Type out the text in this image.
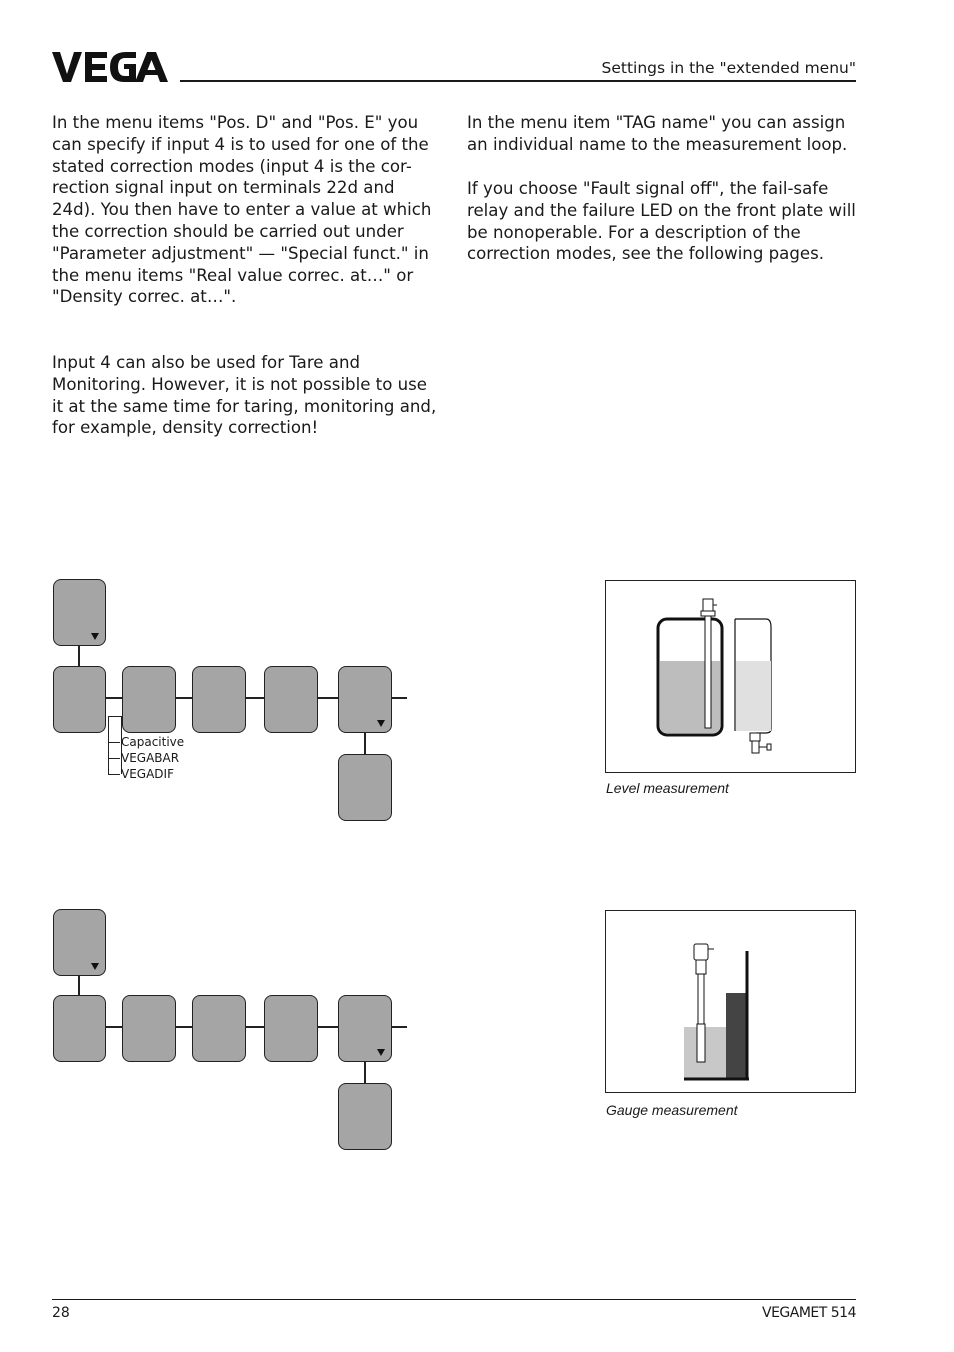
Settings in the "extended menu"

In the menu items "Pos. D" and "Pos. E" you
can specify if input 4 is to used for one of the
stated correction modes (input 4 is the cor-
rection signal input on terminals 22d and
24d). You then have to enter a value at which
the correction should be carried out under
"Parameter adjustment" — "Special funct." in
the menu items "Real value correc. at…" or
"Density correc. at…".

Input 4 can also be used for Tare and
Monitoring. However, it is not possible to use
it at the same time for taring, monitoring and,
for example, density correction!

In the menu item "TAG name" you can assign
an individual name to the measurement loop.

If you choose "Fault signal off", the fail-safe
relay and the failure LED on the front plate will
be nonoperable. For a description of the
correction modes, see the following pages.

Capacitive
VEGABAR
VEGADIF
Level measurement
Gauge measurement
28	VEGAMET 514
